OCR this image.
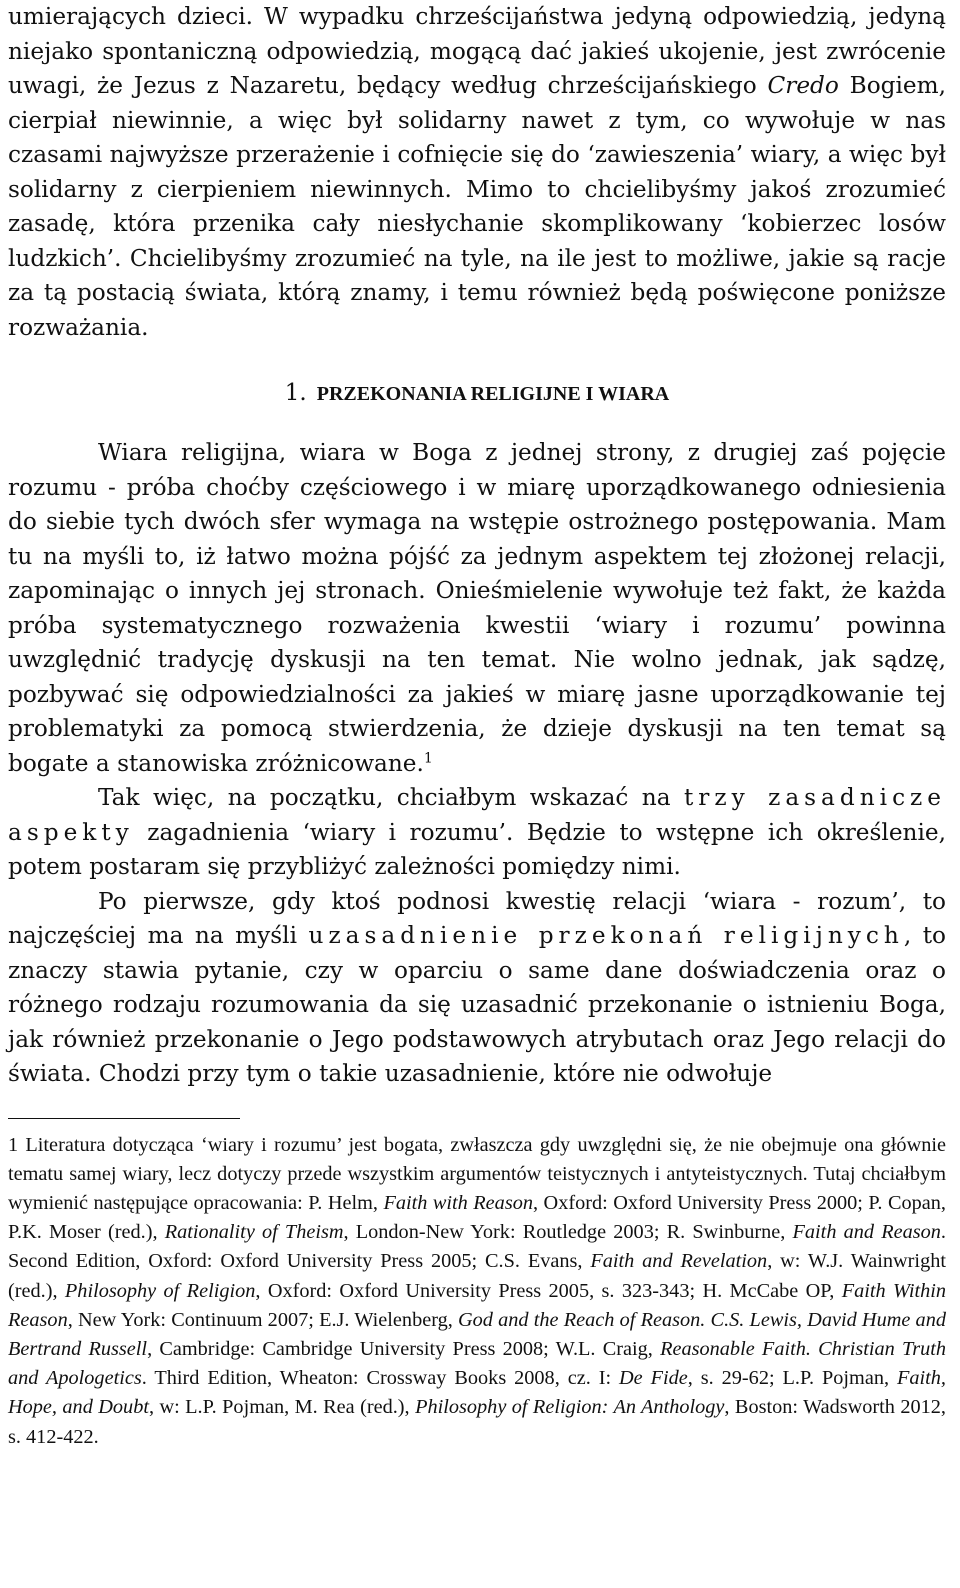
umierających dzieci. W wypadku chrześcijaństwa jedyną odpowiedzią, jedyną niejako spontaniczną odpowiedzią, mogącą dać jakieś ukojenie, jest zwrócenie uwagi, że Jezus z Nazaretu, będący według chrześcijańskiego Credo Bogiem, cierpiał niewinnie, a więc był solidarny nawet z tym, co wywołuje w nas czasami najwyższe przerażenie i cofnięcie się do ‘zawieszenia’ wiary, a więc był solidarny z cierpieniem niewinnych. Mimo to chcielibyśmy jakoś zrozumieć zasadę, która przenika cały niesłychanie skomplikowany ‘kobierzec losów ludzkich’. Chcielibyśmy zrozumieć na tyle, na ile jest to możliwe, jakie są racje za tą postacią świata, którą znamy, i temu również będą poświęcone poniższe rozważania.

1. PRZEKONANIA RELIGIJNE I WIARA

Wiara religijna, wiara w Boga z jednej strony, z drugiej zaś pojęcie rozumu - próba choćby częściowego i w miarę uporządkowanego odniesienia do siebie tych dwóch sfer wymaga na wstępie ostrożnego postępowania. Mam tu na myśli to, iż łatwo można pójść za jednym aspektem tej złożonej relacji, zapominając o innych jej stronach. Onieśmielenie wywołuje też fakt, że każda próba systematycznego rozważenia kwestii ‘wiary i rozumu’ powinna uwzględnić tradycję dyskusji na ten temat. Nie wolno jednak, jak sądzę, pozbywać się odpowiedzialności za jakieś w miarę jasne uporządkowanie tej problematyki za pomocą stwierdzenia, że dzieje dyskusji na ten temat są bogate a stanowiska zróżnicowane.$^1$

Tak więc, na początku, chciałbym wskazać na trzy zasadnicze aspekty zagadnienia ‘wiary i rozumu’. Będzie to wstępne ich określenie, potem postaram się przybliżyć zależności pomiędzy nimi.

Po pierwsze, gdy ktoś podnosi kwestię relacji ‘wiara - rozum’, to najczęściej ma na myśli uzasadnienie przekonań religijnych, to znaczy stawia pytanie, czy w oparciu o same dane doświadczenia oraz o różnego rodzaju rozumowania da się uzasadnić przekonanie o istnieniu Boga, jak również przekonanie o Jego podstawowych atrybutach oraz Jego relacji do świata. Chodzi przy tym o takie uzasadnienie, które nie odwołuje

1 Literatura dotycząca ‘wiary i rozumu’ jest bogata, zwłaszcza gdy uwzględni się, że nie obejmuje ona głównie tematu samej wiary, lecz dotyczy przede wszystkim argumentów teistycznych i antyteistycznych. Tutaj chciałbym wymienić następujące opracowania: P. Helm, Faith with Reason, Oxford: Oxford University Press 2000; P. Copan, P.K. Moser (red.), Rationality of Theism, London-New York: Routledge 2003; R. Swinburne, Faith and Reason. Second Edition, Oxford: Oxford University Press 2005; C.S. Evans, Faith and Revelation, w: W.J. Wainwright (red.), Philosophy of Religion, Oxford: Oxford University Press 2005, s. 323-343; H. McCabe OP, Faith Within Reason, New York: Continuum 2007; E.J. Wielenberg, God and the Reach of Reason. C.S. Lewis, David Hume and Bertrand Russell, Cambridge: Cambridge University Press 2008; W.L. Craig, Reasonable Faith. Christian Truth and Apologetics. Third Edition, Wheaton: Crossway Books 2008, cz. I: De Fide, s. 29-62; L.P. Pojman, Faith, Hope, and Doubt, w: L.P. Pojman, M. Rea (red.), Philosophy of Religion: An Anthology, Boston: Wadsworth 2012, s. 412-422.
